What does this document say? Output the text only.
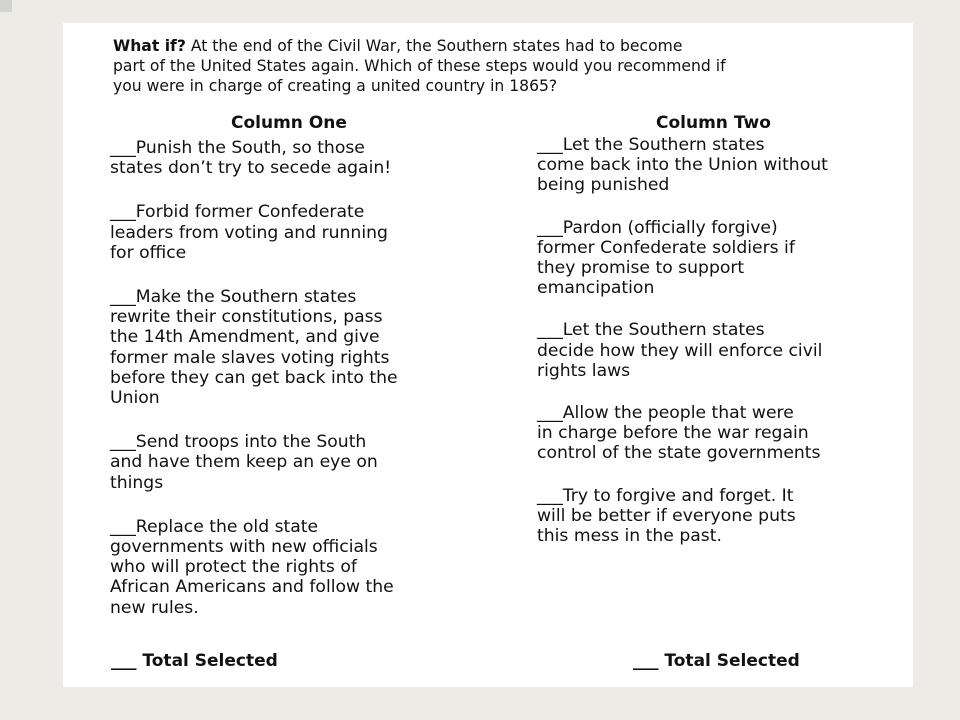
What if? At the end of the Civil War, the Southern states had to become
part of the United States again. Which of these steps would you recommend if
you were in charge of creating a united country in 1865?
Column One	Column Two
___Punish the South, so those
states don’t try to secede again!
___Forbid former Confederate
leaders from voting and running
for office
___Make the Southern states
rewrite their constitutions, pass
the 14th Amendment, and give
former male slaves voting rights
before they can get back into the
Union
___Send troops into the South
and have them keep an eye on
things
___Replace the old state
governments with new officials
who will protect the rights of
African Americans and follow the
new rules.
___Let the Southern states
come back into the Union without
being punished
___Pardon (officially forgive)
former Confederate soldiers if
they promise to support
emancipation
___Let the Southern states
decide how they will enforce civil
rights laws
___Allow the people that were
in charge before the war regain
control of the state governments
___Try to forgive and forget. It
will be better if everyone puts
this mess in the past.
___ Total Selected	___ Total Selected
